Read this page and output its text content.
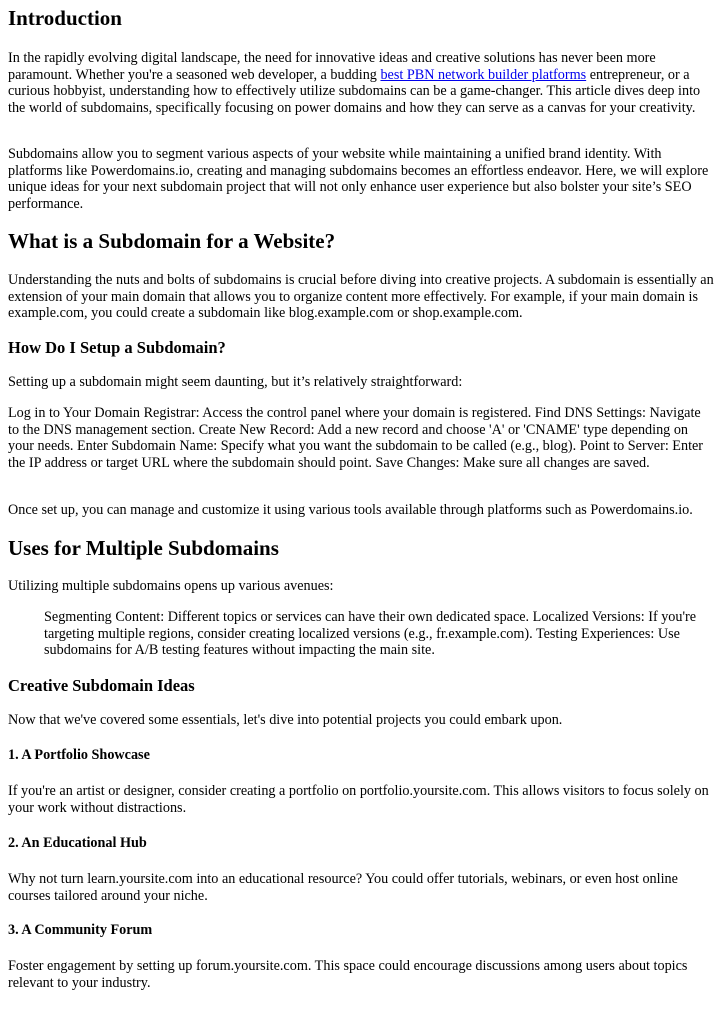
Introduction

In the rapidly evolving digital landscape, the need for innovative ideas and creative solutions has never been more paramount. Whether you're a seasoned web developer, a budding best PBN network builder platforms entrepreneur, or a curious hobbyist, understanding how to effectively utilize subdomains can be a game-changer. This article dives deep into the world of subdomains, specifically focusing on power domains and how they can serve as a canvas for your creativity.

Subdomains allow you to segment various aspects of your website while maintaining a unified brand identity. With platforms like Powerdomains.io, creating and managing subdomains becomes an effortless endeavor. Here, we will explore unique ideas for your next subdomain project that will not only enhance user experience but also bolster your site’s SEO performance.

What is a Subdomain for a Website?

Understanding the nuts and bolts of subdomains is crucial before diving into creative projects. A subdomain is essentially an extension of your main domain that allows you to organize content more effectively. For example, if your main domain is example.com, you could create a subdomain like blog.example.com or shop.example.com.

How Do I Setup a Subdomain?

Setting up a subdomain might seem daunting, but it’s relatively straightforward:

Log in to Your Domain Registrar: Access the control panel where your domain is registered. Find DNS Settings: Navigate to the DNS management section. Create New Record: Add a new record and choose 'A' or 'CNAME' type depending on your needs. Enter Subdomain Name: Specify what you want the subdomain to be called (e.g., blog). Point to Server: Enter the IP address or target URL where the subdomain should point. Save Changes: Make sure all changes are saved.

Once set up, you can manage and customize it using various tools available through platforms such as Powerdomains.io.

Uses for Multiple Subdomains

Utilizing multiple subdomains opens up various avenues:

Segmenting Content: Different topics or services can have their own dedicated space. Localized Versions: If you're targeting multiple regions, consider creating localized versions (e.g., fr.example.com). Testing Experiences: Use subdomains for A/B testing features without impacting the main site.

Creative Subdomain Ideas

Now that we've covered some essentials, let's dive into potential projects you could embark upon.

1. A Portfolio Showcase

If you're an artist or designer, consider creating a portfolio on portfolio.yoursite.com. This allows visitors to focus solely on your work without distractions.

2. An Educational Hub

Why not turn learn.yoursite.com into an educational resource? You could offer tutorials, webinars, or even host online courses tailored around your niche.

3. A Community Forum

Foster engagement by setting up forum.yoursite.com. This space could encourage discussions among users about topics relevant to your industry.
